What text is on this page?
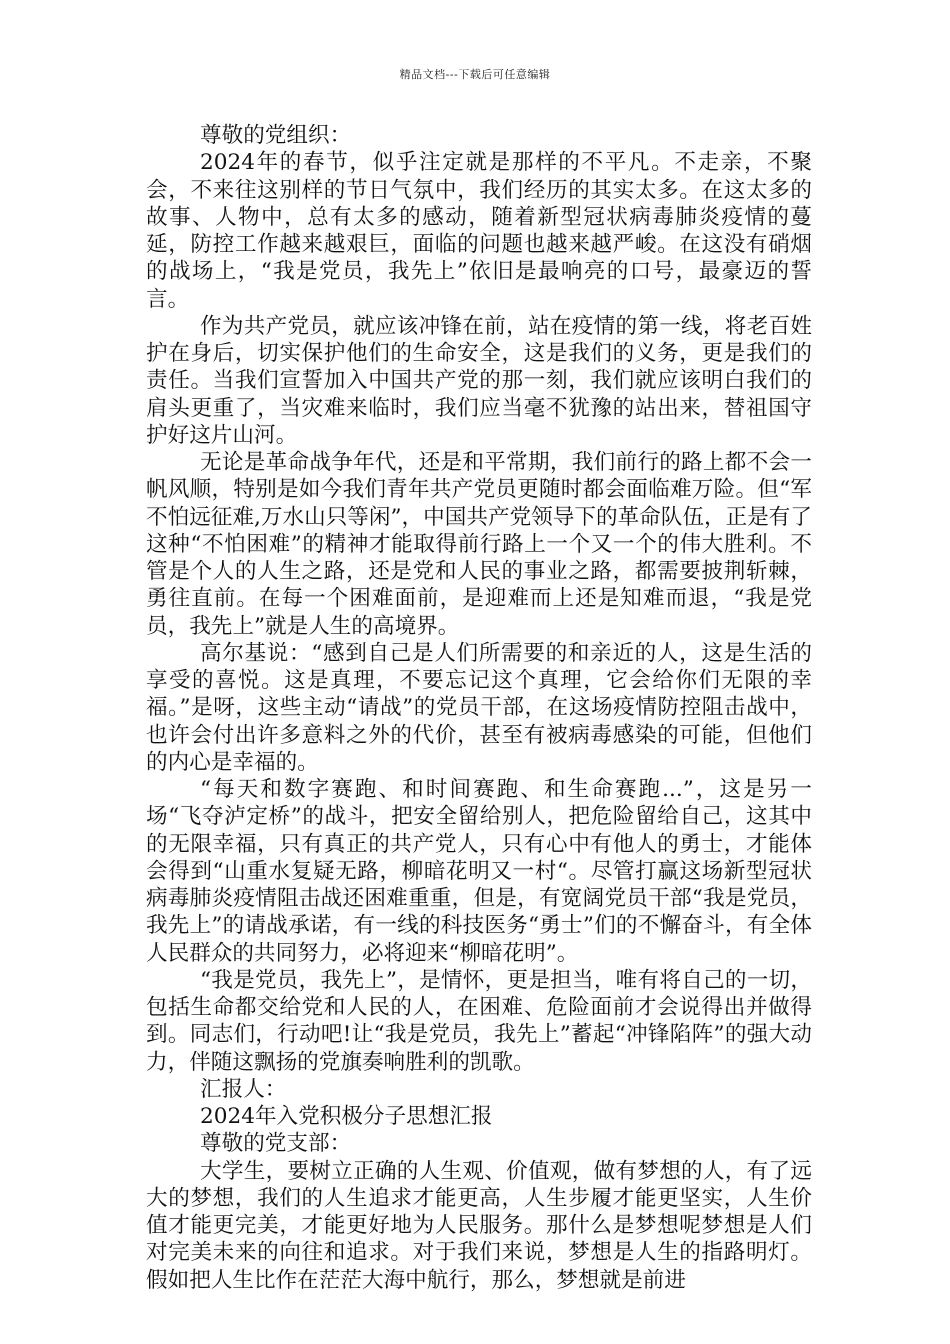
精品文档---下载后可任意编辑

尊敬的党组织：

2024年的春节，似乎注定就是那样的不平凡。不走亲，不聚会，不来往这别样的节日气氛中，我们经历的其实太多。在这太多的故事、人物中，总有太多的感动，随着新型冠状病毒肺炎疫情的蔓延，防控工作越来越艰巨，面临的问题也越来越严峻。在这没有硝烟的战场上，“我是党员，我先上”依旧是最响亮的口号，最豪迈的誓言。

作为共产党员，就应该冲锋在前，站在疫情的第一线，将老百姓护在身后，切实保护他们的生命安全，这是我们的义务，更是我们的责任。当我们宣誓加入中国共产党的那一刻，我们就应该明白我们的肩头更重了，当灾难来临时，我们应当毫不犹豫的站出来，替祖国守护好这片山河。

无论是革命战争年代，还是和平常期，我们前行的路上都不会一帆风顺，特别是如今我们青年共产党员更随时都会面临难万险。但“军不怕远征难,万水山只等闲”，中国共产党领导下的革命队伍，正是有了这种“不怕困难”的精神才能取得前行路上一个又一个的伟大胜利。不管是个人的人生之路，还是党和人民的事业之路，都需要披荆斩棘，勇往直前。在每一个困难面前，是迎难而上还是知难而退，“我是党员，我先上”就是人生的高境界。

高尔基说：“感到自己是人们所需要的和亲近的人，这是生活的享受的喜悦。这是真理，不要忘记这个真理，它会给你们无限的幸福。”是呀，这些主动“请战”的党员干部，在这场疫情防控阻击战中，也许会付出许多意料之外的代价，甚至有被病毒感染的可能，但他们的内心是幸福的。

“每天和数字赛跑、和时间赛跑、和生命赛跑...”，这是另一场“飞夺泸定桥”的战斗，把安全留给别人，把危险留给自己，这其中的无限幸福，只有真正的共产党人，只有心中有他人的勇士，才能体会得到“山重水复疑无路，柳暗花明又一村“。尽管打赢这场新型冠状病毒肺炎疫情阻击战还困难重重，但是，有宽阔党员干部“我是党员，我先上”的请战承诺，有一线的科技医务“勇士”们的不懈奋斗，有全体人民群众的共同努力，必将迎来“柳暗花明”。

“我是党员，我先上”，是情怀，更是担当，唯有将自己的一切，包括生命都交给党和人民的人，在困难、危险面前才会说得出并做得到。同志们，行动吧!让“我是党员，我先上”蓄起“冲锋陷阵”的强大动力，伴随这飘扬的党旗奏响胜利的凯歌。

汇报人：

2024年入党积极分子思想汇报

尊敬的党支部：

大学生，要树立正确的人生观、价值观，做有梦想的人，有了远大的梦想，我们的人生追求才能更高，人生步履才能更坚实，人生价值才能更完美，才能更好地为人民服务。那什么是梦想呢梦想是人们对完美未来的向往和追求。对于我们来说，梦想是人生的指路明灯。假如把人生比作在茫茫大海中航行，那么，梦想就是前进
